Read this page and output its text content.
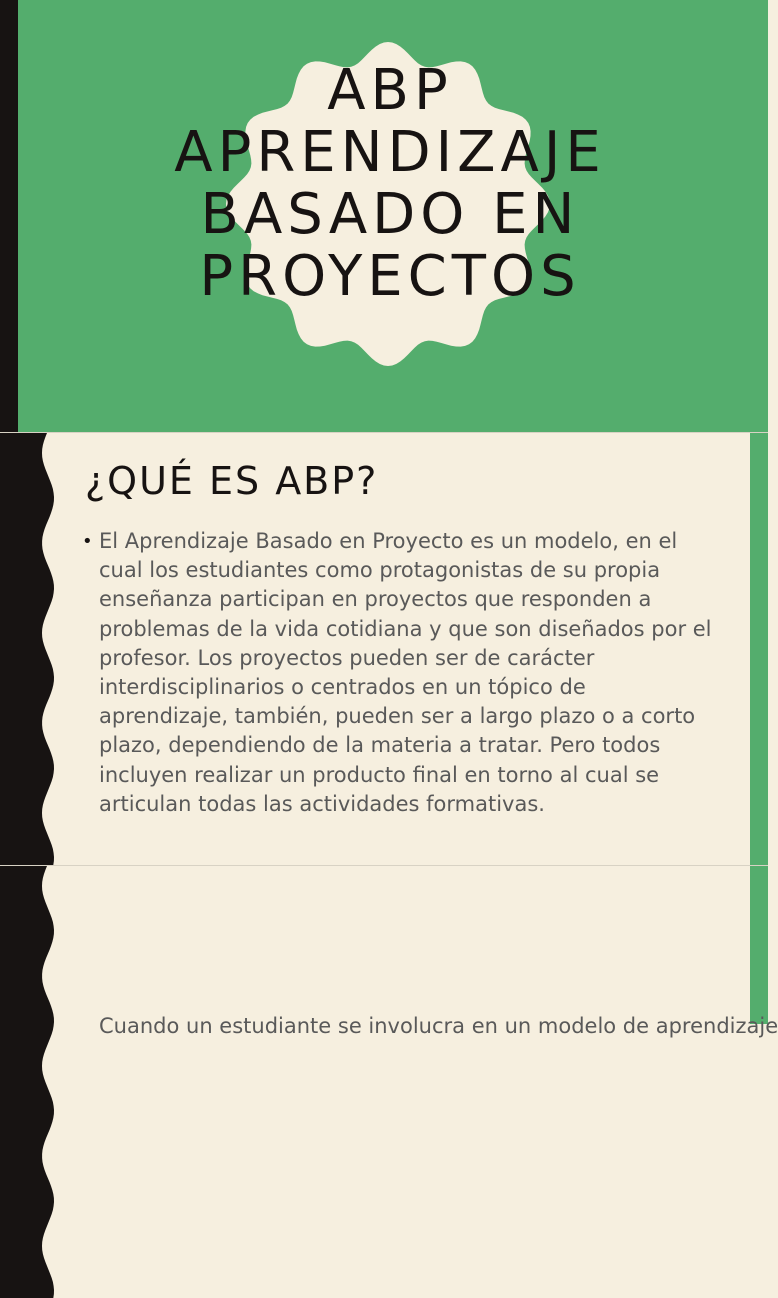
ABP
APRENDIZAJE
BASADO EN
PROYECTOS
¿QUÉ ES ABP?
• El Aprendizaje Basado en Proyecto es un modelo, en el cual los estudiantes como protagonistas de su propia enseñanza participan en proyectos que responden a problemas de la vida cotidiana y que son diseñados por el profesor. Los proyectos pueden ser de carácter interdisciplinarios o centrados en un tópico de aprendizaje, también, pueden ser a largo plazo o a corto plazo, dependiendo de la materia a tratar. Pero todos incluyen realizar un producto final en torno al cual se articulan todas las actividades formativas.

Cuando un estudiante se involucra en un modelo de aprendizaje
